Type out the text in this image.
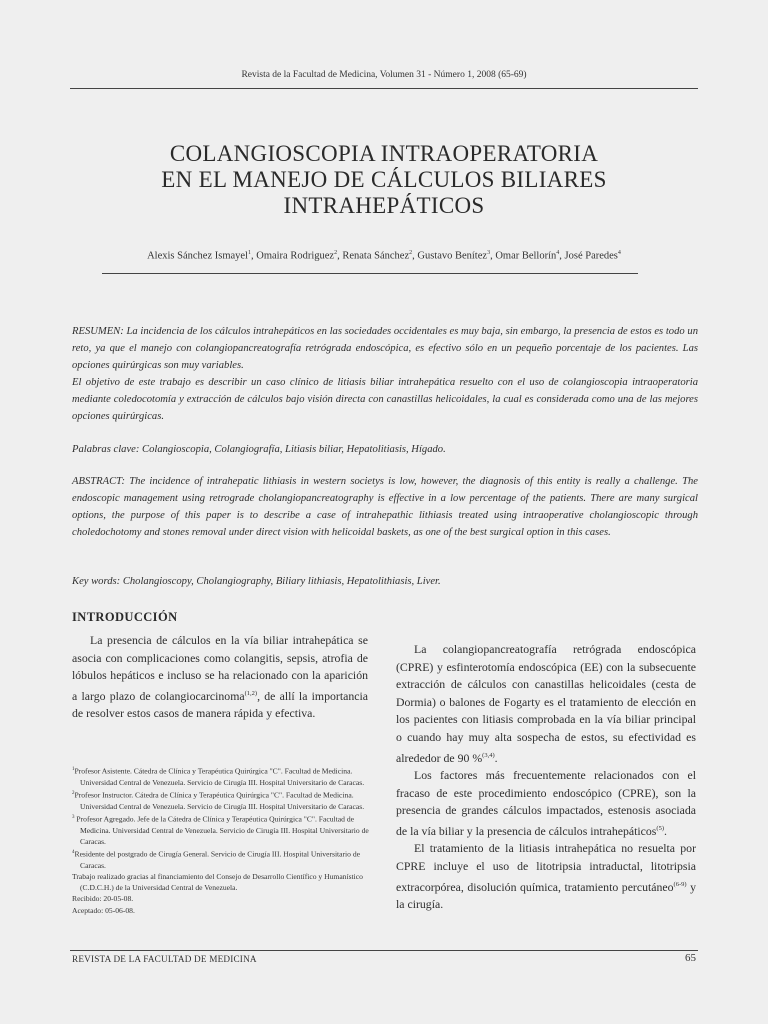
Revista de la Facultad de Medicina, Volumen 31 - Número 1, 2008 (65-69)
COLANGIOSCOPIA INTRAOPERATORIA
EN EL MANEJO DE CÁLCULOS BILIARES
INTRAHEPÁTICOS
Alexis Sánchez Ismayel$^1$, Omaira Rodriguez$^2$, Renata Sánchez$^2$, Gustavo Benítez$^3$, Omar Bellorín$^4$, José Paredes$^4$

RESUMEN: La incidencia de los cálculos intrahepáticos en las sociedades occidentales es muy baja, sin embargo, la presencia de estos es todo un reto, ya que el manejo con colangiopancreatografía retrógrada endoscópica, es efectivo sólo en un pequeño porcentaje de los pacientes. Las opciones quirúrgicas son muy variables.

El objetivo de este trabajo es describir un caso clínico de litiasis biliar intrahepática resuelto con el uso de colangioscopia intraoperatoria mediante coledocotomía y extracción de cálculos bajo visión directa con canastillas helicoidales, la cual es considerada como una de las mejores opciones quirúrgicas.

Palabras clave: Colangioscopia, Colangiografía, Litiasis biliar, Hepatolitiasis, Hígado.

ABSTRACT: The incidence of intrahepatic lithiasis in western societys is low, however, the diagnosis of this entity is really a challenge. The endoscopic management using retrograde cholangiopancreatography is effective in a low percentage of the patients. There are many surgical options, the purpose of this paper is to describe a case of intrahepathic lithiasis treated using intraoperative cholangioscopic through choledochotomy and stones removal under direct vision with helicoidal baskets, as one of the best surgical option in this cases.

Key words: Cholangioscopy, Cholangiography, Biliary lithiasis, Hepatolithiasis, Liver.

INTRODUCCIÓN

La presencia de cálculos en la vía biliar intrahepática se asocia con complicaciones como colangitis, sepsis, atrofia de lóbulos hepáticos e incluso se ha relacionado con la aparición a largo plazo de colangiocarcinoma$^{(1,2)}$, de allí la importancia de resolver estos casos de manera rápida y efectiva.

$^1$Profesor Asistente. Cátedra de Clínica y Terapéutica Quirúrgica "C". Facultad de Medicina. Universidad Central de Venezuela. Servicio de Cirugía III. Hospital Universitario de Caracas.

$^2$Profesor Instructor. Cátedra de Clínica y Terapéutica Quirúrgica "C". Facultad de Medicina. Universidad Central de Venezuela. Servicio de Cirugía III. Hospital Universitario de Caracas.

$^3$ Profesor Agregado. Jefe de la Cátedra de Clínica y Terapéutica Quirúrgica "C". Facultad de Medicina. Universidad Central de Venezuela. Servicio de Cirugía III. Hospital Universitario de Caracas.

$^4$Residente del postgrado de Cirugía General. Servicio de Cirugía III. Hospital Universitario de Caracas.

Trabajo realizado gracias al financiamiento del Consejo de Desarrollo Científico y Humanístico (C.D.C.H.) de la Universidad Central de Venezuela.

Recibido: 20-05-08.

Aceptado: 05-06-08.

La colangiopancreatografía retrógrada endoscópica (CPRE) y esfinterotomía endoscópica (EE) con la subsecuente extracción de cálculos con canastillas helicoidales (cesta de Dormia) o balones de Fogarty es el tratamiento de elección en los pacientes con litiasis comprobada en la vía biliar principal o cuando hay muy alta sospecha de estos, su efectividad es alrededor de 90 %$^{(3,4)}$.

Los factores más frecuentemente relacionados con el fracaso de este procedimiento endoscópico (CPRE), son la presencia de grandes cálculos impactados, estenosis asociada de la vía biliar y la presencia de cálculos intrahepáticos$^{(5)}$.

El tratamiento de la litiasis intrahepática no resuelta por CPRE incluye el uso de litotripsia intraductal, litotripsia extracorpórea, disolución química, tratamiento percutáneo$^{(6-9)}$ y la cirugía.

REVISTA DE LA FACULTAD DE MEDICINA	65
